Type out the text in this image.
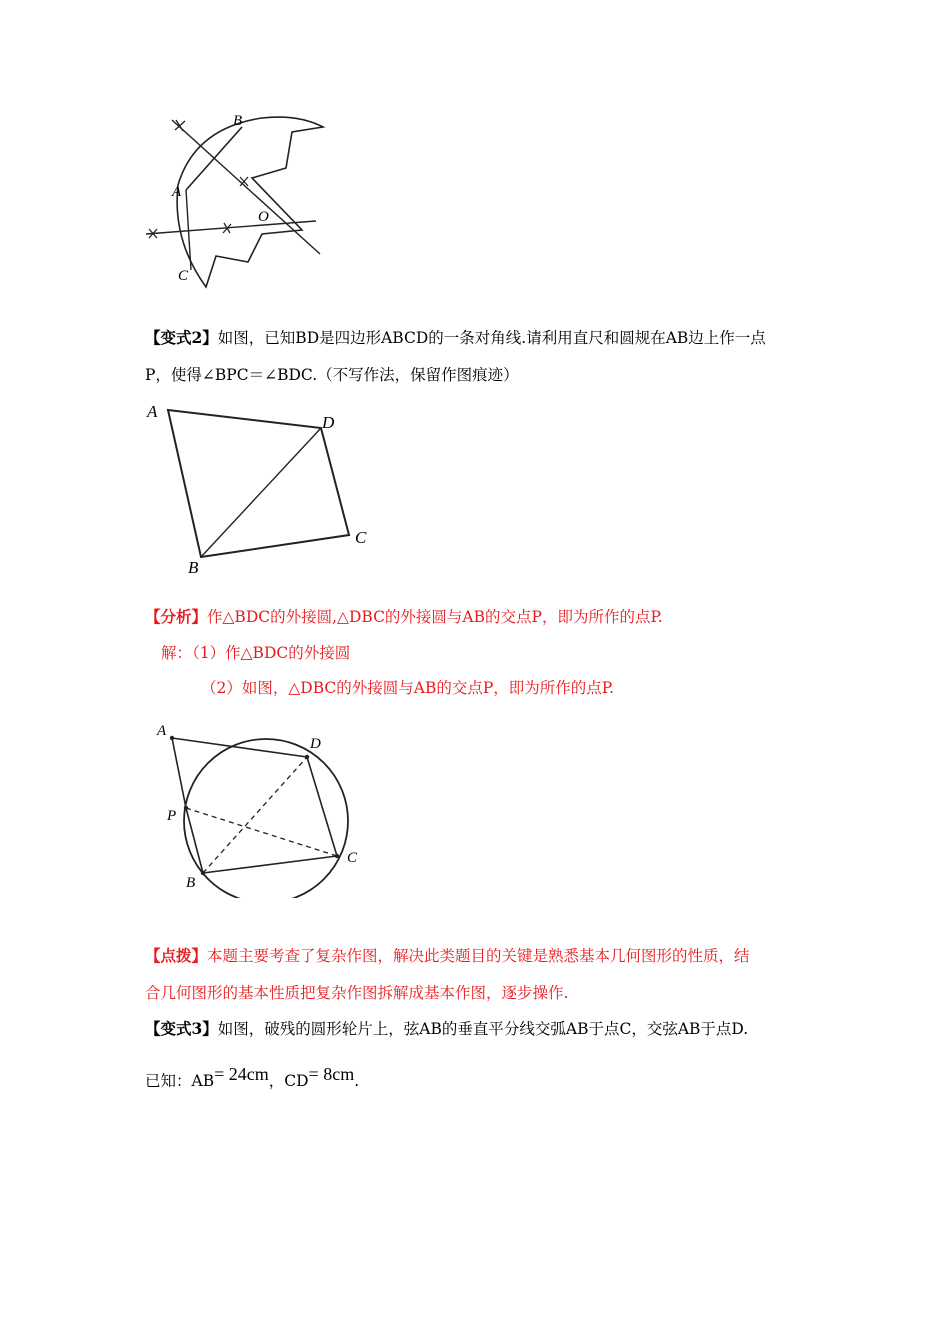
A
B
C
O
【变式2】如图，已知BD是四边形ABCD的一条对角线.请利用直尺和圆规在AB边上作一点
P，使得∠BPC＝∠BDC.（不写作法，保留作图痕迹）
A
D
C
B
【分析】作△BDC的外接圆,△DBC的外接圆与AB的交点P，即为所作的点P.
解：（1）作△BDC的外接圆
（2）如图，△DBC的外接圆与AB的交点P，即为所作的点P.
A
D
P
C
B
【点拨】本题主要考查了复杂作图，解决此类题目的关键是熟悉基本几何图形的性质，结
合几何图形的基本性质把复杂作图拆解成基本作图，逐步操作.
【变式3】如图，破残的圆形轮片上，弦AB的垂直平分线交弧AB于点C，交弦AB于点D.
已知：AB= 24cm，CD= 8cm.
